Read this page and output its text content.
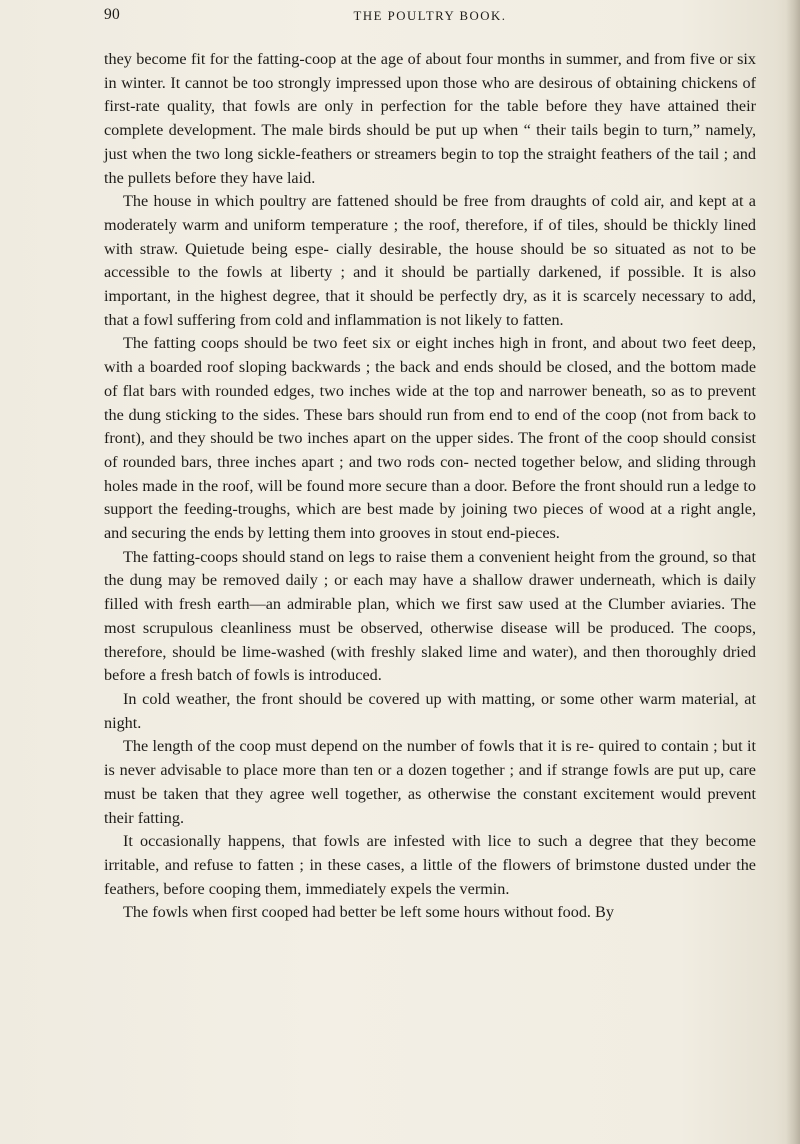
90	THE POULTRY BOOK.

they become fit for the fatting-coop at the age of about four months in summer, and from five or six in winter. It cannot be too strongly impressed upon those who are desirous of obtaining chickens of first-rate quality, that fowls are only in perfection for the table before they have attained their complete development. The male birds should be put up when “ their tails begin to turn,” namely, just when the two long sickle-feathers or streamers begin to top the straight feathers of the tail ; and the pullets before they have laid.

The house in which poultry are fattened should be free from draughts of cold air, and kept at a moderately warm and uniform temperature ; the roof, therefore, if of tiles, should be thickly lined with straw. Quietude being espe- cially desirable, the house should be so situated as not to be accessible to the fowls at liberty ; and it should be partially darkened, if possible. It is also important, in the highest degree, that it should be perfectly dry, as it is scarcely necessary to add, that a fowl suffering from cold and inflammation is not likely to fatten.

The fatting coops should be two feet six or eight inches high in front, and about two feet deep, with a boarded roof sloping backwards ; the back and ends should be closed, and the bottom made of flat bars with rounded edges, two inches wide at the top and narrower beneath, so as to prevent the dung sticking to the sides. These bars should run from end to end of the coop (not from back to front), and they should be two inches apart on the upper sides. The front of the coop should consist of rounded bars, three inches apart ; and two rods con- nected together below, and sliding through holes made in the roof, will be found more secure than a door. Before the front should run a ledge to support the feeding-troughs, which are best made by joining two pieces of wood at a right angle, and securing the ends by letting them into grooves in stout end-pieces.

The fatting-coops should stand on legs to raise them a convenient height from the ground, so that the dung may be removed daily ; or each may have a shallow drawer underneath, which is daily filled with fresh earth—an admirable plan, which we first saw used at the Clumber aviaries. The most scrupulous cleanliness must be observed, otherwise disease will be produced. The coops, therefore, should be lime-washed (with freshly slaked lime and water), and then thoroughly dried before a fresh batch of fowls is introduced.

In cold weather, the front should be covered up with matting, or some other warm material, at night.

The length of the coop must depend on the number of fowls that it is re- quired to contain ; but it is never advisable to place more than ten or a dozen together ; and if strange fowls are put up, care must be taken that they agree well together, as otherwise the constant excitement would prevent their fatting.

It occasionally happens, that fowls are infested with lice to such a degree that they become irritable, and refuse to fatten ; in these cases, a little of the flowers of brimstone dusted under the feathers, before cooping them, immediately expels the vermin.

The fowls when first cooped had better be left some hours without food. By
